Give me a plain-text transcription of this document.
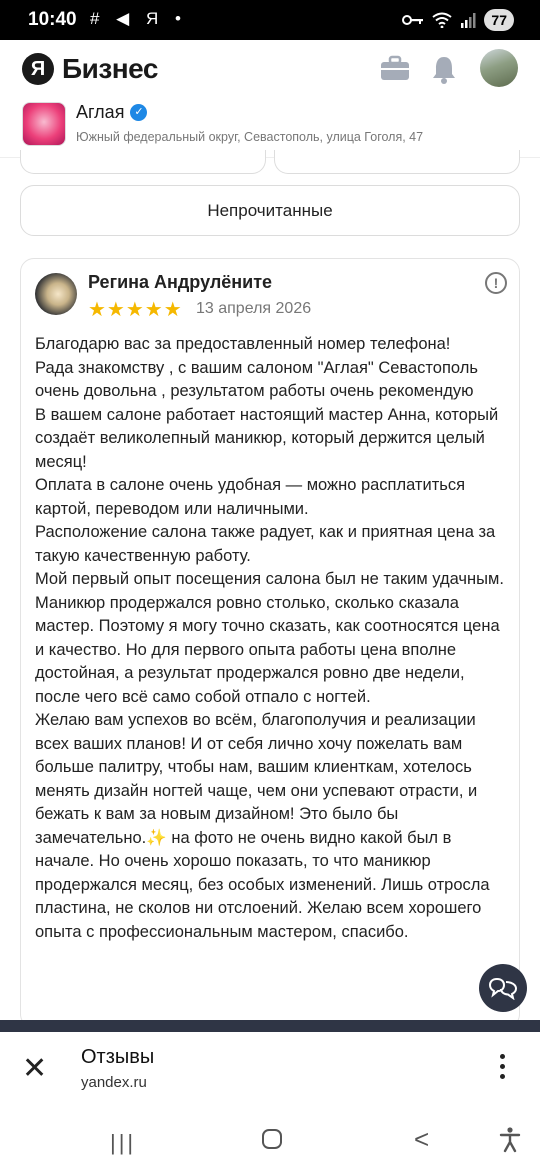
10:40 # ◀ Я •	77
Я Бизнес
Аглая ✓
Южный федеральный округ, Севастополь, улица Гоголя, 47
Непрочитанные
Регина Андрулёните
★★★★★ 13 апреля 2026
!
Благодарю вас за предоставленный номер телефона!
Рада знакомству , с вашим салоном "Аглая" Севастополь очень довольна , результатом работы очень рекомендую
В вашем салоне работает настоящий мастер Анна, который создаёт великолепный маникюр, который держится целый месяц!
Оплата в салоне очень удобная — можно расплатиться картой, переводом или наличными.
Расположение салона также радует, как и приятная цена за такую качественную работу.
Мой первый опыт посещения салона был не таким удачным. Маникюр продержался ровно столько, сколько сказала мастер. Поэтому я могу точно сказать, как соотносятся цена и качество. Но для первого опыта работы цена вполне достойная, а результат продержался ровно две недели, после чего всё само собой отпало с ногтей.
Желаю вам успехов во всём, благополучия и реализации всех ваших планов! И от себя лично хочу пожелать вам больше палитру, чтобы нам, вашим клиенткам, хотелось менять дизайн ногтей чаще, чем они успевают отрасти, и бежать к вам за новым дизайном! Это было бы замечательно.✨ на фото не очень видно какой был в начале. Но очень хорошо показать, то что маникюр продержался месяц, без особых изменений. Лишь отросла пластина, не сколов ни отслоений. Желаю всем хорошего опыта с профессиональным мастером, спасибо.
✕ Отзывы
yandex.ru
|||	<
